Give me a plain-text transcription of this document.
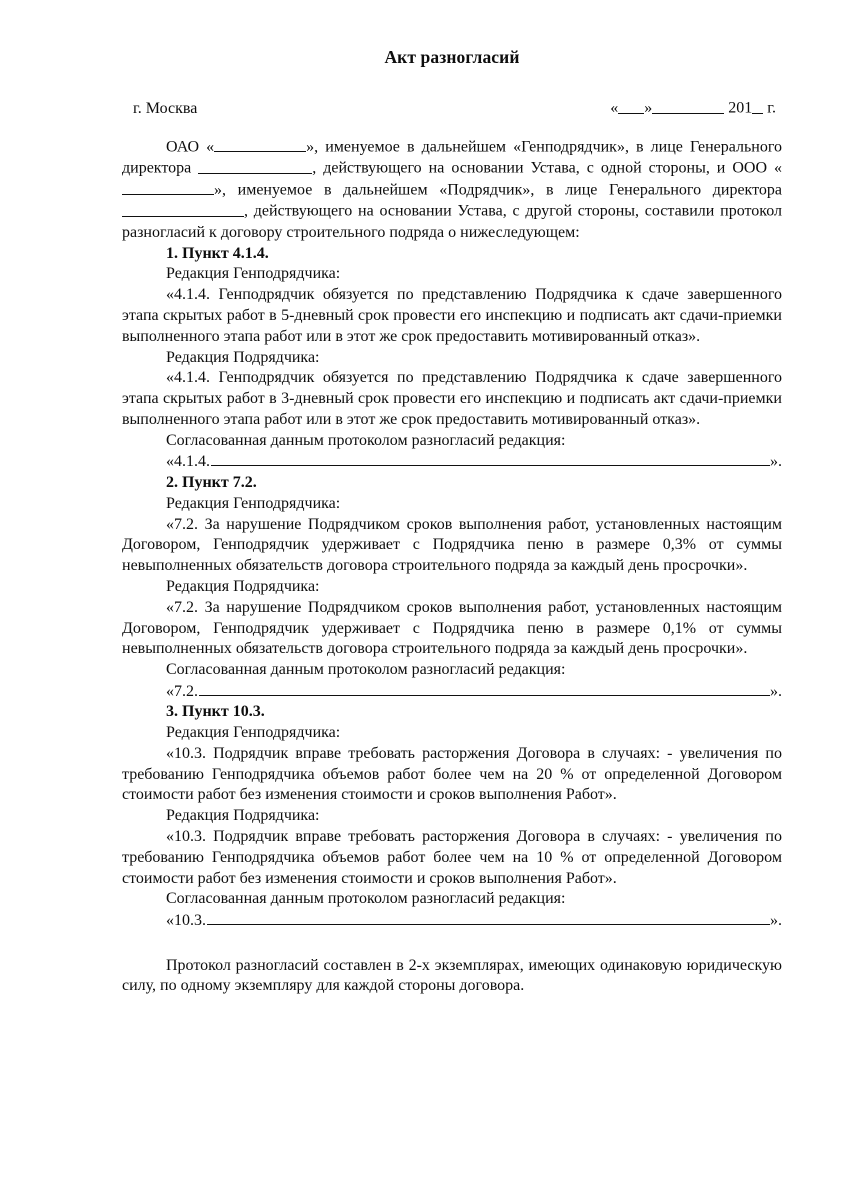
Акт разногласий
г. Москва	« »	201 г.

ОАО «	», именуемое в дальнейшем «Генподрядчик», в лице Генерального директора	, действующего на основании Устава, с одной стороны, и ООО «», именуемое в дальнейшем «Подрядчик», в лице Генерального директора , действующего на основании Устава, с другой стороны, составили протокол разногласий к договору строительного подряда о нижеследующем:

1. Пункт 4.1.4.

Редакция Генподрядчика:

«4.1.4. Генподрядчик обязуется по представлению Подрядчика к сдаче завершенного этапа скрытых работ в 5-дневный срок провести его инспекцию и подписать акт сдачи-приемки выполненного этапа работ или в этот же срок предоставить мотивированный отказ».

Редакция Подрядчика:

«4.1.4. Генподрядчик обязуется по представлению Подрядчика к сдаче завершенного этапа скрытых работ в 3-дневный срок провести его инспекцию и подписать акт сдачи-приемки выполненного этапа работ или в этот же срок предоставить мотивированный отказ».

Согласованная данным протоколом разногласий редакция:

«4.1.4.	».

2. Пункт 7.2.

Редакция Генподрядчика:

«7.2. За нарушение Подрядчиком сроков выполнения работ, установленных настоящим Договором, Генподрядчик удерживает с Подрядчика пеню в размере 0,3% от суммы невыполненных обязательств договора строительного подряда за каждый день просрочки».

Редакция Подрядчика:

«7.2. За нарушение Подрядчиком сроков выполнения работ, установленных настоящим Договором, Генподрядчик удерживает с Подрядчика пеню в размере 0,1% от суммы невыполненных обязательств договора строительного подряда за каждый день просрочки».

Согласованная данным протоколом разногласий редакция:

«7.2.	».

3. Пункт 10.3.

Редакция Генподрядчика:

«10.3. Подрядчик вправе требовать расторжения Договора в случаях: - увеличения по требованию Генподрядчика объемов работ более чем на 20 % от определенной Договором стоимости работ без изменения стоимости и сроков выполнения Работ».

Редакция Подрядчика:

«10.3. Подрядчик вправе требовать расторжения Договора в случаях: - увеличения по требованию Генподрядчика объемов работ более чем на 10 % от определенной Договором стоимости работ без изменения стоимости и сроков выполнения Работ».

Согласованная данным протоколом разногласий редакция:

«10.3.	».

Протокол разногласий составлен в 2-х экземплярах, имеющих одинаковую юридическую силу, по одному экземпляру для каждой стороны договора.
